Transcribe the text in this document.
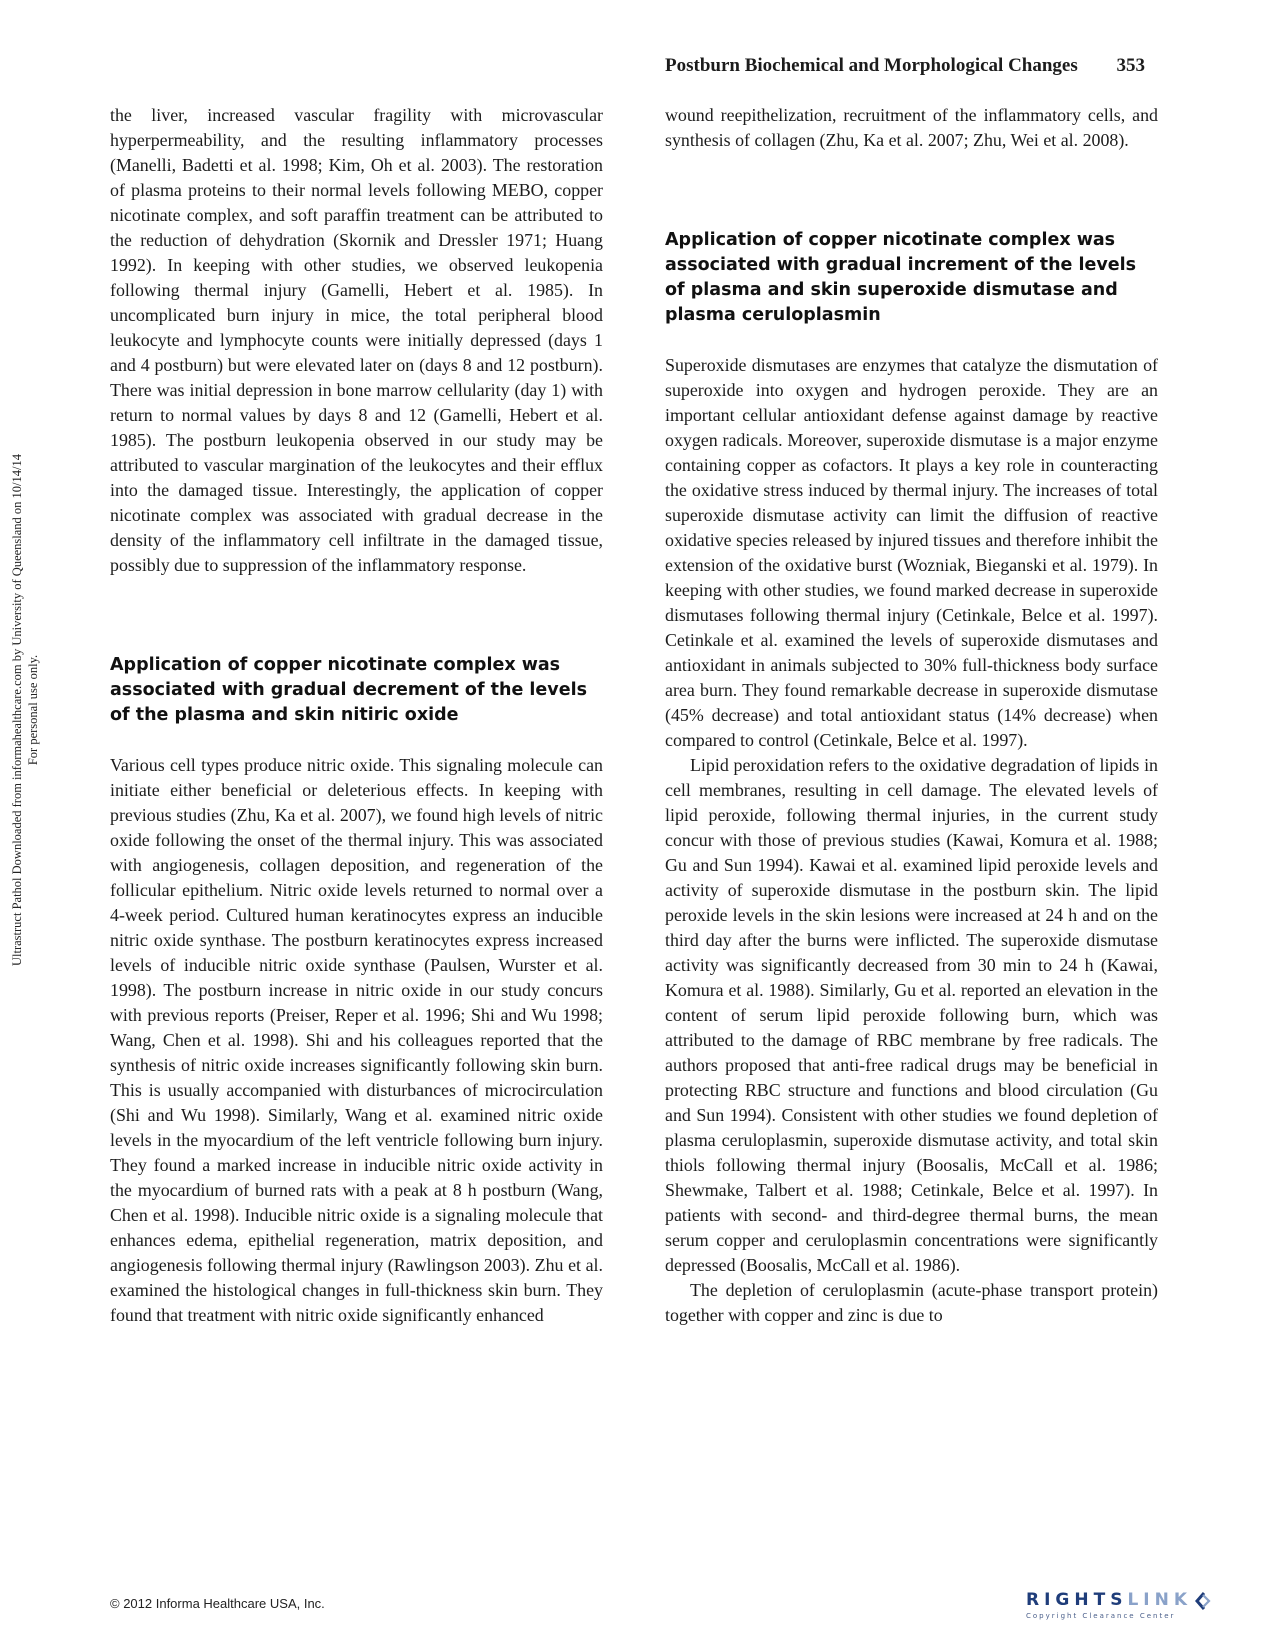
Postburn Biochemical and Morphological Changes 353
Ultrastruct Pathol Downloaded from informahealthcare.com by University of Queensland on 10/14/14 For personal use only.

the liver, increased vascular fragility with microvascular hyperpermeability, and the resulting inflammatory processes (Manelli, Badetti et al. 1998; Kim, Oh et al. 2003). The restoration of plasma proteins to their normal levels following MEBO, copper nicotinate complex, and soft paraffin treatment can be attributed to the reduction of dehydration (Skornik and Dressler 1971; Huang 1992). In keeping with other studies, we observed leukopenia following thermal injury (Gamelli, Hebert et al. 1985). In uncomplicated burn injury in mice, the total peripheral blood leukocyte and lymphocyte counts were initially depressed (days 1 and 4 postburn) but were elevated later on (days 8 and 12 postburn). There was initial depression in bone marrow cellularity (day 1) with return to normal values by days 8 and 12 (Gamelli, Hebert et al. 1985). The postburn leukopenia observed in our study may be attributed to vascular margination of the leukocytes and their efflux into the damaged tissue. Interestingly, the application of copper nicotinate complex was associated with gradual decrease in the density of the inflammatory cell infiltrate in the damaged tissue, possibly due to suppression of the inflammatory response.

Application of copper nicotinate complex was associated with gradual decrement of the levels of the plasma and skin nitiric oxide

Various cell types produce nitric oxide. This signaling molecule can initiate either beneficial or deleterious effects. In keeping with previous studies (Zhu, Ka et al. 2007), we found high levels of nitric oxide following the onset of the thermal injury. This was associated with angiogenesis, collagen deposition, and regeneration of the follicular epithelium. Nitric oxide levels returned to normal over a 4-week period. Cultured human keratinocytes express an inducible nitric oxide synthase. The postburn keratinocytes express increased levels of inducible nitric oxide synthase (Paulsen, Wurster et al. 1998). The postburn increase in nitric oxide in our study concurs with previous reports (Preiser, Reper et al. 1996; Shi and Wu 1998; Wang, Chen et al. 1998). Shi and his colleagues reported that the synthesis of nitric oxide increases significantly following skin burn. This is usually accompanied with disturbances of microcirculation (Shi and Wu 1998). Similarly, Wang et al. examined nitric oxide levels in the myocardium of the left ventricle following burn injury. They found a marked increase in inducible nitric oxide activity in the myocardium of burned rats with a peak at 8 h postburn (Wang, Chen et al. 1998). Inducible nitric oxide is a signaling molecule that enhances edema, epithelial regeneration, matrix deposition, and angiogenesis following thermal injury (Rawlingson 2003). Zhu et al. examined the histological changes in full-thickness skin burn. They found that treatment with nitric oxide significantly enhanced

wound reepithelization, recruitment of the inflammatory cells, and synthesis of collagen (Zhu, Ka et al. 2007; Zhu, Wei et al. 2008).

Application of copper nicotinate complex was associated with gradual increment of the levels of plasma and skin superoxide dismutase and plasma ceruloplasmin

Superoxide dismutases are enzymes that catalyze the dismutation of superoxide into oxygen and hydrogen peroxide. They are an important cellular antioxidant defense against damage by reactive oxygen radicals. Moreover, superoxide dismutase is a major enzyme containing copper as cofactors. It plays a key role in counteracting the oxidative stress induced by thermal injury. The increases of total superoxide dismutase activity can limit the diffusion of reactive oxidative species released by injured tissues and therefore inhibit the extension of the oxidative burst (Wozniak, Bieganski et al. 1979). In keeping with other studies, we found marked decrease in superoxide dismutases following thermal injury (Cetinkale, Belce et al. 1997). Cetinkale et al. examined the levels of superoxide dismutases and antioxidant in animals subjected to 30% full-thickness body surface area burn. They found remarkable decrease in superoxide dismutase (45% decrease) and total antioxidant status (14% decrease) when compared to control (Cetinkale, Belce et al. 1997).

Lipid peroxidation refers to the oxidative degradation of lipids in cell membranes, resulting in cell damage. The elevated levels of lipid peroxide, following thermal injuries, in the current study concur with those of previous studies (Kawai, Komura et al. 1988; Gu and Sun 1994). Kawai et al. examined lipid peroxide levels and activity of superoxide dismutase in the postburn skin. The lipid peroxide levels in the skin lesions were increased at 24 h and on the third day after the burns were inflicted. The superoxide dismutase activity was significantly decreased from 30 min to 24 h (Kawai, Komura et al. 1988). Similarly, Gu et al. reported an elevation in the content of serum lipid peroxide following burn, which was attributed to the damage of RBC membrane by free radicals. The authors proposed that anti-free radical drugs may be beneficial in protecting RBC structure and functions and blood circulation (Gu and Sun 1994). Consistent with other studies we found depletion of plasma ceruloplasmin, superoxide dismutase activity, and total skin thiols following thermal injury (Boosalis, McCall et al. 1986; Shewmake, Talbert et al. 1988; Cetinkale, Belce et al. 1997). In patients with second- and third-degree thermal burns, the mean serum copper and ceruloplasmin concentrations were significantly depressed (Boosalis, McCall et al. 1986).

The depletion of ceruloplasmin (acute-phase transport protein) together with copper and zinc is due to

© 2012 Informa Healthcare USA, Inc.	RIGHTSLINK
Copyright Clearance Center
